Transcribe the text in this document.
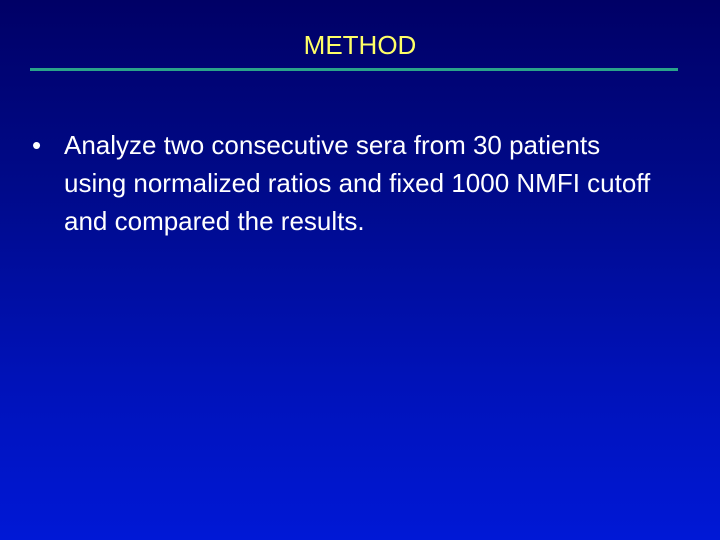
METHOD
• Analyze two consecutive sera from 30 patients using normalized ratios and fixed 1000 NMFI cutoff and compared the results.
